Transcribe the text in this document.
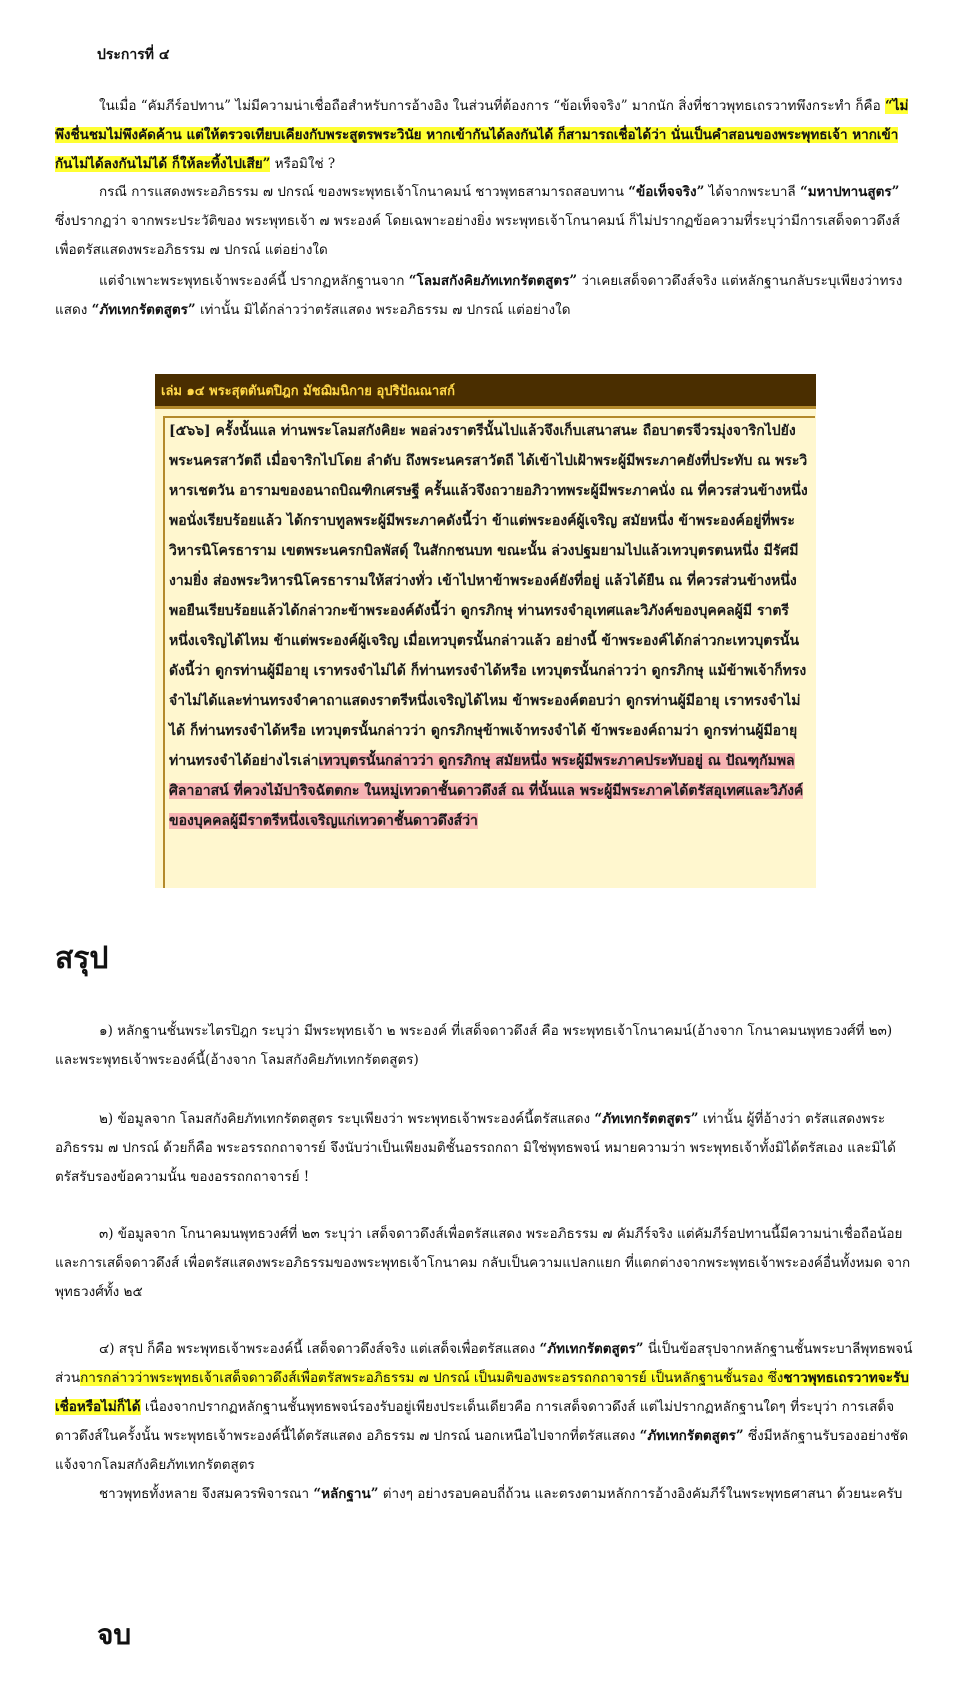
ประการที่ ๔

ในเมื่อ “คัมภีร์อปทาน” ไม่มีความน่าเชื่อถือสำหรับการอ้างอิง ในส่วนที่ต้องการ “ข้อเท็จจริง” มากนัก สิ่งที่ชาวพุทธเถรวาทพึงกระทำ ก็คือ “ไม่พึงชื่นชมไม่พึงคัดค้าน แต่ให้ตรวจเทียบเคียงกับพระสูตรพระวินัย หากเข้ากันได้ลงกันได้ ก็สามารถเชื่อได้ว่า นั่นเป็นคำสอนของพระพุทธเจ้า หากเข้ากันไม่ได้ลงกันไม่ได้ ก็ให้ละทิ้งไปเสีย” หรือมิใช่ ?

กรณี การแสดงพระอภิธรรม ๗ ปกรณ์ ของพระพุทธเจ้าโกนาคมน์ ชาวพุทธสามารถสอบทาน “ข้อเท็จจริง” ได้จากพระบาลี “มหาปทานสูตร” ซึ่งปรากฏว่า จากพระประวัติของ พระพุทธเจ้า ๗ พระองค์ โดยเฉพาะอย่างยิ่ง พระพุทธเจ้าโกนาคมน์ ก็ไม่ปรากฏข้อความที่ระบุว่ามีการเสด็จดาวดึงส์เพื่อตรัสแสดงพระอภิธรรม ๗ ปกรณ์ แต่อย่างใด

แต่จำเพาะพระพุทธเจ้าพระองค์นี้ ปรากฏหลักฐานจาก “โลมสกังคิยภัทเทกรัตตสูตร” ว่าเคยเสด็จดาวดึงส์จริง แต่หลักฐานกลับระบุเพียงว่าทรงแสดง “ภัทเทกรัตตสูตร” เท่านั้น มิได้กล่าวว่าตรัสแสดง พระอภิธรรม ๗ ปกรณ์ แต่อย่างใด

เล่ม ๑๔ พระสุตตันตปิฎก มัชฌิมนิกาย อุปริปัณณาสก์

[๕๖๖] ครั้งนั้นแล ท่านพระโลมสกังคิยะ พอล่วงราตรีนั้นไปแล้วจึงเก็บเสนาสนะ ถือบาตรจีวรมุ่งจาริกไปยังพระนครสาวัตถี เมื่อจาริกไปโดย ลำดับ ถึงพระนครสาวัตถี ได้เข้าไปเฝ้าพระผู้มีพระภาคยังที่ประทับ ณ พระวิหารเชตวัน อารามของอนาถบิณฑิกเศรษฐี ครั้นแล้วจึงถวายอภิวาทพระผู้มีพระภาคนั่ง ณ ที่ควรส่วนข้างหนึ่ง พอนั่งเรียบร้อยแล้ว ได้กราบทูลพระผู้มีพระภาคดังนี้ว่า ข้าแต่พระองค์ผู้เจริญ สมัยหนึ่ง ข้าพระองค์อยู่ที่พระวิหารนิโครธาราม เขตพระนครกบิลพัสดุ์ ในสักกชนบท ขณะนั้น ล่วงปฐมยามไปแล้วเทวบุตรตนหนึ่ง มีรัศมีงามยิ่ง ส่องพระวิหารนิโครธารามให้สว่างทั่ว เข้าไปหาข้าพระองค์ยังที่อยู่ แล้วได้ยืน ณ ที่ควรส่วนข้างหนึ่ง พอยืนเรียบร้อยแล้วได้กล่าวกะข้าพระองค์ดังนี้ว่า ดูกรภิกษุ ท่านทรงจำอุเทศและวิภังค์ของบุคคลผู้มี ราตรีหนึ่งเจริญได้ไหม ข้าแต่พระองค์ผู้เจริญ เมื่อเทวบุตรนั้นกล่าวแล้ว อย่างนี้ ข้าพระองค์ได้กล่าวกะเทวบุตรนั้นดังนี้ว่า ดูกรท่านผู้มีอายุ เราทรงจำไม่ได้ ก็ท่านทรงจำได้หรือ เทวบุตรนั้นกล่าวว่า ดูกรภิกษุ แม้ข้าพเจ้าก็ทรงจำไม่ได้และท่านทรงจำคาถาแสดงราตรีหนึ่งเจริญได้ไหม ข้าพระองค์ตอบว่า ดูกรท่านผู้มีอายุ เราทรงจำไม่ได้ ก็ท่านทรงจำได้หรือ เทวบุตรนั้นกล่าวว่า ดูกรภิกษุข้าพเจ้าทรงจำได้ ข้าพระองค์ถามว่า ดูกรท่านผู้มีอายุ ท่านทรงจำได้อย่างไรเล่าเทวบุตรนั้นกล่าวว่า ดูกรภิกษุ สมัยหนึ่ง พระผู้มีพระภาคประทับอยู่ ณ ปัณฑุกัมพลศิลาอาสน์ ที่ควงไม้ปาริจฉัตตกะ ในหมู่เทวดาชั้นดาวดึงส์ ณ ที่นั้นแล พระผู้มีพระภาคได้ตรัสอุเทศและวิภังค์ของบุคคลผู้มีราตรีหนึ่งเจริญแก่เทวดาชั้นดาวดึงส์ว่า

สรุป

๑) หลักฐานชั้นพระไตรปิฎก ระบุว่า มีพระพุทธเจ้า ๒ พระองค์ ที่เสด็จดาวดึงส์ คือ พระพุทธเจ้าโกนาคมน์(อ้างจาก โกนาคมนพุทธวงศ์ที่ ๒๓) และพระพุทธเจ้าพระองค์นี้(อ้างจาก โลมสกังคิยภัทเทกรัตตสูตร)

๒) ข้อมูลจาก โลมสกังคิยภัทเทกรัตตสูตร ระบุเพียงว่า พระพุทธเจ้าพระองค์นี้ตรัสแสดง “ภัทเทกรัตตสูตร” เท่านั้น ผู้ที่อ้างว่า ตรัสแสดงพระอภิธรรม ๗ ปกรณ์ ด้วยก็คือ พระอรรถกถาจารย์ จึงนับว่าเป็นเพียงมติชั้นอรรถกถา มิใช่พุทธพจน์ หมายความว่า พระพุทธเจ้าทั้งมิได้ตรัสเอง และมิได้ตรัสรับรองข้อความนั้น ของอรรถกถาจารย์ !

๓) ข้อมูลจาก โกนาคมนพุทธวงศ์ที่ ๒๓ ระบุว่า เสด็จดาวดึงส์เพื่อตรัสแสดง พระอภิธรรม ๗ คัมภีร์จริง แต่คัมภีร์อปทานนี้มีความน่าเชื่อถือน้อย และการเสด็จดาวดึงส์ เพื่อตรัสแสดงพระอภิธรรมของพระพุทธเจ้าโกนาคม กลับเป็นความแปลกแยก ที่แตกต่างจากพระพุทธเจ้าพระองค์อื่นทั้งหมด จากพุทธวงศ์ทั้ง ๒๕

๔) สรุป ก็คือ พระพุทธเจ้าพระองค์นี้ เสด็จดาวดึงส์จริง แต่เสด็จเพื่อตรัสแสดง “ภัทเทกรัตตสูตร” นี่เป็นข้อสรุปจากหลักฐานชั้นพระบาลีพุทธพจน์ ส่วนการกล่าวว่าพระพุทธเจ้าเสด็จดาวดึงส์เพื่อตรัสพระอภิธรรม ๗ ปกรณ์ เป็นมติของพระอรรถกถาจารย์ เป็นหลักฐานชั้นรอง ซึ่งชาวพุทธเถรวาทจะรับเชื่อหรือไม่ก็ได้ เนื่องจากปรากฏหลักฐานชั้นพุทธพจน์รองรับอยู่เพียงประเด็นเดียวคือ การเสด็จดาวดึงส์ แต่ไม่ปรากฏหลักฐานใดๆ ที่ระบุว่า การเสด็จดาวดึงส์ในครั้งนั้น พระพุทธเจ้าพระองค์นี้ได้ตรัสแสดง อภิธรรม ๗ ปกรณ์ นอกเหนือไปจากที่ตรัสแสดง “ภัทเทกรัตตสูตร” ซึ่งมีหลักฐานรับรองอย่างชัดแจ้งจากโลมสกังคิยภัทเทกรัตตสูตร

ชาวพุทธทั้งหลาย จึงสมควรพิจารณา “หลักฐาน” ต่างๆ อย่างรอบคอบถี่ถ้วน และตรงตามหลักการอ้างอิงคัมภีร์ในพระพุทธศาสนา ด้วยนะครับ

จบ
